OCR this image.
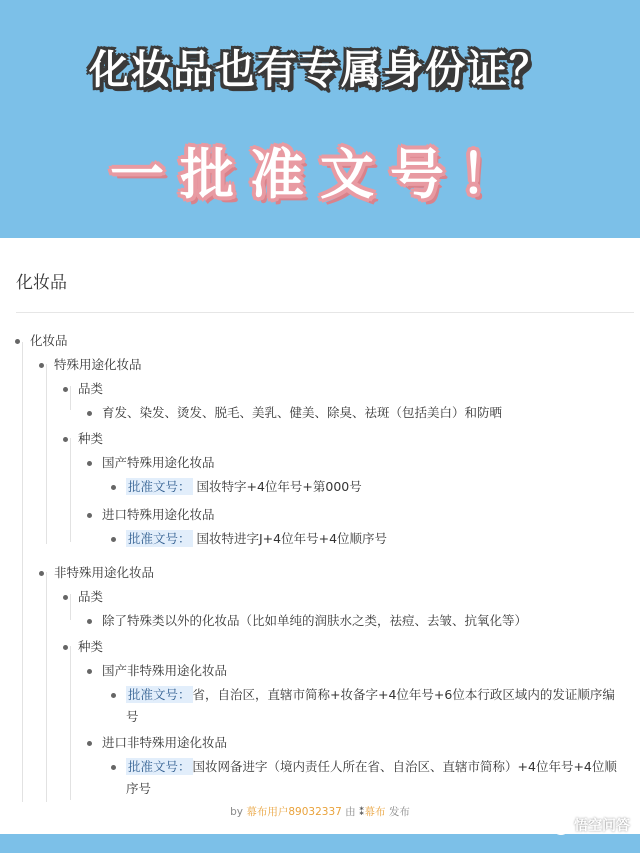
化妆品也有专属身份证？
一批准文号！
化妆品
化妆品
特殊用途化妆品
品类
育发、染发、烫发、脱毛、美乳、健美、除臭、祛斑（包括美白）和防晒
种类
国产特殊用途化妆品
批准文号： 国妆特字+4位年号+第000号
进口特殊用途化妆品
批准文号： 国妆特进字J+4位年号+4位顺序号
非特殊用途化妆品
品类
除了特殊类以外的化妆品（比如单纯的润肤水之类，祛痘、去皱、抗氧化等）
种类
国产非特殊用途化妆品
批准文号： 省，自治区，直辖市简称+妆备字+4位年号+6位本行政区域内的发证顺序编号
进口非特殊用途化妆品
批准文号： 国妆网备进字（境内责任人所在省、自治区、直辖市简称）+4位年号+4位顺序号
by 幕布用户89032337 由 ⁑幕布 发布
悟空问答
